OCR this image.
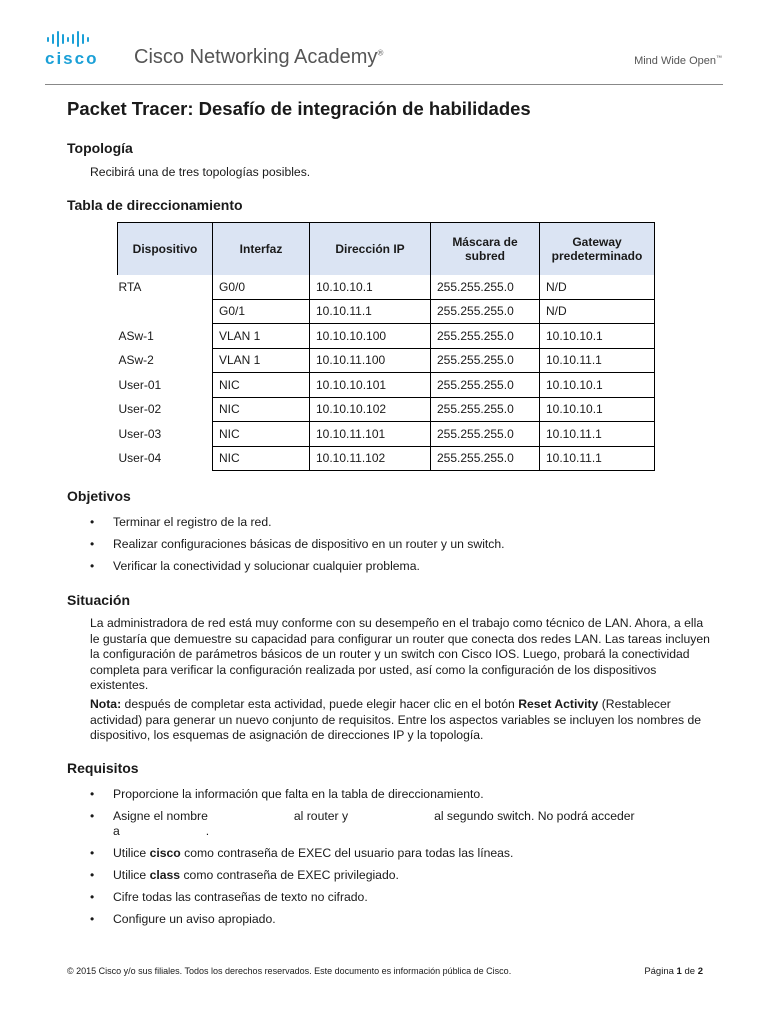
cisco	Cisco Networking Academy®
Mind Wide Open™
Packet Tracer: Desafío de integración de habilidades
Topología
Recibirá una de tres topologías posibles.
Tabla de direccionamiento
Dispositivo	Interfaz	Dirección IP	Máscara de subred	Gateway predeterminado
RTA	G0/0	10.10.10.1	255.255.255.0	N/D
	G0/1	10.10.11.1	255.255.255.0	N/D
ASw-1	VLAN 1	10.10.10.100	255.255.255.0	10.10.10.1
ASw-2	VLAN 1	10.10.11.100	255.255.255.0	10.10.11.1
User-01	NIC	10.10.10.101	255.255.255.0	10.10.10.1
User-02	NIC	10.10.10.102	255.255.255.0	10.10.10.1
User-03	NIC	10.10.11.101	255.255.255.0	10.10.11.1
User-04	NIC	10.10.11.102	255.255.255.0	10.10.11.1
Objetivos
• Terminar el registro de la red.
• Realizar configuraciones básicas de dispositivo en un router y un switch.
• Verificar la conectividad y solucionar cualquier problema.
Situación
La administradora de red está muy conforme con su desempeño en el trabajo como técnico de LAN. Ahora, a ella le gustaría que demuestre su capacidad para configurar un router que conecta dos redes LAN. Las tareas incluyen la configuración de parámetros básicos de un router y un switch con Cisco IOS. Luego, probará la conectividad completa para verificar la configuración realizada por usted, así como la configuración de los dispositivos existentes.
Nota: después de completar esta actividad, puede elegir hacer clic en el botón Reset Activity (Restablecer actividad) para generar un nuevo conjunto de requisitos. Entre los aspectos variables se incluyen los nombres de dispositivo, los esquemas de asignación de direcciones IP y la topología.
Requisitos
• Proporcione la información que falta en la tabla de direccionamiento.
• Asigne el nombre	al router y	al segundo switch. No podrá acceder
a	.
• Utilice cisco como contraseña de EXEC del usuario para todas las líneas.
• Utilice class como contraseña de EXEC privilegiado.
• Cifre todas las contraseñas de texto no cifrado.
• Configure un aviso apropiado.
© 2015 Cisco y/o sus filiales. Todos los derechos reservados. Este documento es información pública de Cisco.	Página 1 de 2
